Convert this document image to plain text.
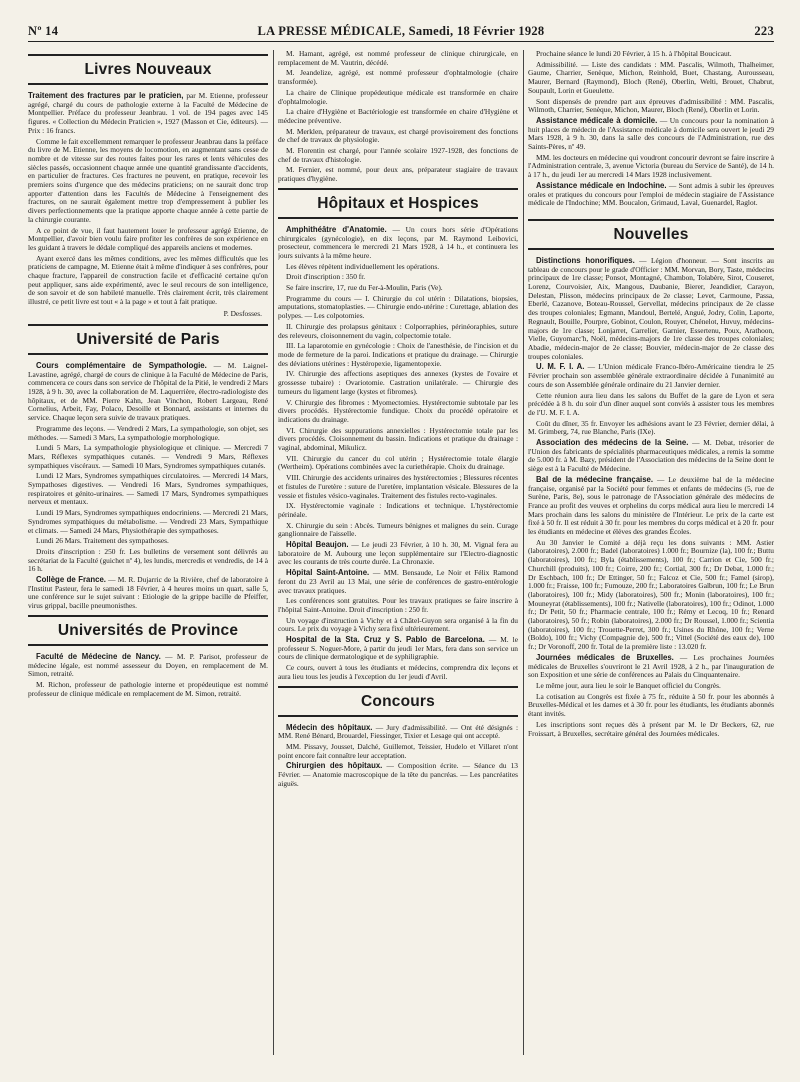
Nº 14	LA PRESSE MÉDICALE, Samedi, 18 Février 1928	223
Livres Nouveaux

Traitement des fractures par le praticien, par M. Etienne, professeur agrégé, chargé du cours de pathologie externe à la Faculté de Médecine de Montpellier. Préface du professeur Jeanbrau. 1 vol. de 194 pages avec 145 figures. « Collection du Médecin Praticien », 1927 (Masson et Cie, éditeurs). — Prix : 16 francs.

Comme le fait excellemment remarquer le professeur Jeanbrau dans la préface du livre de M. Etienne, les moyens de locomotion, en augmentant sans cesse de nombre et de vitesse sur des routes faites pour les rares et lents véhicules des siècles passés, occasionnent chaque année une quantité grandissante d'accidents, en particulier de fractures. Ces fractures ne peuvent, en pratique, recevoir les premiers soins d'urgence que des médecins praticiens; on ne saurait donc trop apporter d'attention dans les Facultés de Médecine à l'enseignement des fractures, on ne saurait également mettre trop d'empressement à publier les divers perfectionnements que la pratique apporte chaque année à cette partie de la chirurgie courante.

A ce point de vue, il faut hautement louer le professeur agrégé Etienne, de Montpellier, d'avoir bien voulu faire profiter les confrères de son expérience en les guidant à travers le dédale compliqué des appareils anciens et modernes.

Ayant exercé dans les mêmes conditions, avec les mêmes difficultés que les praticiens de campagne, M. Etienne était à même d'indiquer à ses confrères, pour chaque fracture, l'appareil de construction facile et d'efficacité certaine qu'on peut appliquer, sans aide expérimenté, avec le seul recours de son intelligence, de son savoir et de son habileté manuelle. Très clairement écrit, très clairement illustré, ce petit livre est tout « à la page » et tout à fait pratique.

P. Desfosses.
Université de Paris

Cours complémentaire de Sympathologie. — M. Laignel-Lavastine, agrégé, chargé de cours de clinique à la Faculté de Médecine de Paris, commencera ce cours dans son service de l'hôpital de la Pitié, le vendredi 2 Mars 1928, à 9 h. 30, avec la collaboration de M. Laquerrière, électro-radiologiste des hôpitaux, et de MM. Pierre Kahn, Jean Vinchon, Robert Largeau, René Cornelius, Arbeit, Fay, Polaco, Desoille et Bonnard, assistants et internes du service. Chaque leçon sera suivie de travaux pratiques.

Programme des leçons. — Vendredi 2 Mars, La sympathologie, son objet, ses méthodes. — Samedi 3 Mars, La sympathologie morphologique.

Lundi 5 Mars, La sympathologie physiologique et clinique. — Mercredi 7 Mars, Réflexes sympathiques cutanés. — Vendredi 9 Mars, Réflexes sympathiques viscéraux. — Samedi 10 Mars, Syndromes sympathiques cutanés.

Lundi 12 Mars, Syndromes sympathiques circulatoires. — Mercredi 14 Mars, Sympathoses digestives. — Vendredi 16 Mars, Syndromes sympathiques, respiratoires et génito-urinaires. — Samedi 17 Mars, Syndromes sympathiques nerveux et mentaux.

Lundi 19 Mars, Syndromes sympathiques endocriniens. — Mercredi 21 Mars, Syndromes sympathiques du métabolisme. — Vendredi 23 Mars, Sympathique et climats. — Samedi 24 Mars, Physiothérapie des sympathoses.

Lundi 26 Mars. Traitement des sympathoses.

Droits d'inscription : 250 fr. Les bulletins de versement sont délivrés au secrétariat de la Faculté (guichet nº 4), les lundis, mercredis et vendredis, de 14 à 16 h.

Collège de France. — M. R. Dujarric de la Rivière, chef de laboratoire à l'Institut Pasteur, fera le samedi 18 Février, à 4 heures moins un quart, salle 5, une conférence sur le sujet suivant : Etiologie de la grippe bacille de Pfeiffer, virus grippal, bacille pneumonisthes.

Universités de Province

Faculté de Médecine de Nancy. — M. P. Parisot, professeur de médecine légale, est nommé assesseur du Doyen, en remplacement de M. Simon, retraité.

M. Richon, professeur de pathologie interne et propédeutique est nommé professeur de clinique médicale en remplacement de M. Simon, retraité.

M. Hamant, agrégé, est nommé professeur de clinique chirurgicale, en remplacement de M. Vautrin, décédé.

M. Jeandelize, agrégé, est nommé professeur d'ophtalmologie (chaire transformée).

La chaire de Clinique propédeutique médicale est transformée en chaire d'ophtalmologie.

La chaire d'Hygiène et Bactériologie est transformée en chaire d'Hygiène et médecine préventive.

M. Merklen, préparateur de travaux, est chargé provisoirement des fonctions de chef de travaux de physiologie.

M. Florentin est chargé, pour l'année scolaire 1927-1928, des fonctions de chef de travaux d'histologie.

M. Fernier, est nommé, pour deux ans, préparateur stagiaire de travaux pratiques d'hygiène.

Hôpitaux et Hospices

Amphithéâtre d'Anatomie. — Un cours hors série d'Opérations chirurgicales (gynécologie), en dix leçons, par M. Raymond Leibovici, prosecteur, commencera le mercredi 21 Mars 1928, à 14 h., et continuera les jours suivants à la même heure.

Les élèves répètent individuellement les opérations.

Droit d'inscription : 350 fr.

Se faire inscrire, 17, rue du Fer-à-Moulin, Paris (Ve).

Programme du cours — I. Chirurgie du col utérin : Dilatations, biopsies, amputations, stomatoplasties. — Chirurgie endo-utérine : Curettage, ablation des polypes. — Les colpotomies.

II. Chirurgie des prolapsus génitaux : Colporraphies, périnéoraphies, suture des releveurs, cloisonnement du vagin, colpectomie totale.

III. La laparotomie en gynécologie : Choix de l'anesthésie, de l'incision et du mode de fermeture de la paroi. Indications et pratique du drainage. — Chirurgie des déviations utérines : Hystéropexie, ligamentopexie.

IV. Chirurgie des affections aseptiques des annexes (kystes de l'ovaire et grossesse tubaire) : Ovariotomie. Castration unilatérale. — Chirurgie des tumeurs du ligament large (kystes et fibromes).

V. Chirurgie des fibromes : Myomectomies. Hystérectomie subtotale par les divers procédés. Hystérectomie fundique. Choix du procédé opératoire et indications du drainage.

VI. Chirurgie des suppurations annexielles : Hystérectomie totale par les divers procédés. Cloisonnement du bassin. Indications et pratique du drainage : vaginal, abdominal, Mikulicz.

VII. Chirurgie du cancer du col utérin ; Hystérectomie totale élargie (Wertheim). Opérations combinées avec la curiethérapie. Choix du drainage.

VIII. Chirurgie des accidents urinaires des hystérectomies ; Blessures récentes et fistules de l'uretère : suture de l'uretère, implantation vésicale. Blessures de la vessie et fistules vésico-vaginales. Traitement des fistules recto-vaginales.

IX. Hystérectomie vaginale : Indications et technique. L'hystérectomie périnéale.

X. Chirurgie du sein : Abcès. Tumeurs bénignes et malignes du sein. Curage ganglionnaire de l'aisselle.

Hôpital Beaujon. — Le jeudi 23 Février, à 10 h. 30, M. Vignal fera au laboratoire de M. Aubourg une leçon supplémentaire sur l'Electro-diagnostic avec les courants de très courte durée. La Chronaxie.

Hôpital Saint-Antoine. — MM. Bensaude, Le Noir et Félix Ramond feront du 23 Avril au 13 Mai, une série de conférences de gastro-entérologie avec travaux pratiques.

Les conférences sont gratuites. Pour les travaux pratiques se faire inscrire à l'hôpital Saint-Antoine. Droit d'inscription : 250 fr.

Un voyage d'instruction à Vichy et à Châtel-Guyon sera organisé à la fin du cours. Le prix du voyage à Vichy sera fixé ultérieurement.

Hospital de la Sta. Cruz y S. Pablo de Barcelona. — M. le professeur S. Noguer-More, à partir du jeudi 1er Mars, fera dans son service un cours de clinique dermatologique et de syphiligraphie.

Ce cours, ouvert à tous les étudiants et médecins, comprendra dix leçons et aura lieu tous les jeudis à l'exception du 1er jeudi d'Avril.

Concours

Médecin des hôpitaux. — Jury d'admissibilité. — Ont été désignés : MM. René Bénard, Brouardel, Fiessinger, Tixier et Lesage qui ont accepté.

MM. Pissavy, Jousset, Dalché, Guillemot, Teissier, Hudelo et Villaret n'ont point encore fait connaître leur acceptation.

Chirurgien des hôpitaux. — Composition écrite. — Séance du 13 Février. — Anatomie macroscopique de la tête du pancréas. — Les pancréatites aiguës.

Prochaine séance le lundi 20 Février, à 15 h. à l'hôpital Boucicaut.

Admissibilité. — Liste des candidats : MM. Pascalis, Wilmoth, Thalheimer, Gaume, Charrier, Senèque, Michon, Reinhold, Buet, Chastang, Aurousseau, Maurer, Bernard (Raymond), Bloch (René), Oberlin, Welti, Brouet, Chabrut, Soupault, Lorin et Gueulette.

Sont dispensés de prendre part aux épreuves d'admissibilité : MM. Pascalis, Wilmoth, Charrier, Senèque, Michon, Maurer, Bloch (René), Oberlin et Lorin.

Assistance médicale à domicile. — Un concours pour la nomination à huit places de médecin de l'Assistance médicale à domicile sera ouvert le jeudi 29 Mars 1928, à 9 h. 30, dans la salle des concours de l'Administration, rue des Saints-Pères, nº 49.

MM. les docteurs en médecine qui voudront concourir devront se faire inscrire à l'Administration centrale, 3, avenue Victoria (bureau du Service de Santé), de 14 h. à 17 h., du jeudi 1er au mercredi 14 Mars 1928 inclusivement.

Assistance médicale en Indochine. — Sont admis à subir les épreuves orales et pratiques du concours pour l'emploi de médecin stagiaire de l'Assistance médicale de l'Indochine; MM. Boucalon, Grimaud, Laval, Guenardel, Raglot.

Nouvelles

Distinctions honorifiques. — Légion d'honneur. — Sont inscrits au tableau de concours pour le grade d'Officier : MM. Morvan, Bory, Taste, médecins principaux de 1re classe; Ponsot, Montagné, Chambon, Tolabère, Sirot, Couseret, Lorenz, Courvoisier, Aix, Mangous, Daubanie, Bierer, Jeandidier, Carayon, Delestan, Plisson, médecins principaux de 2e classe; Levet, Carmoune, Passa, Eberlé, Cazanove, Boteau-Roussel, Gervellat, médecins principaux de 2e classe des troupes coloniales; Egmann, Mandoul, Bertelé, Angué, Jodry, Colin, Laporte, Regnault, Bouille, Pourpre, Gobinot, Coulon, Rouyer, Chénelot, Huvuy, médecins-majors de 1re classe; Lonjarret, Carrelier, Garnier, Essertenu, Poux, Arathoon, Vielle, Guyomarc'h, Noël, médecins-majors de 1re classe des troupes coloniales; Abadie, médecin-major de 2e classe; Bouvier, médecin-major de 2e classe des troupes coloniales.

U. M. F. I. A. — L'Union médicale Franco-Ibéro-Américaine tiendra le 25 Février prochain son assemblée générale extraordinaire décidée à l'unanimité au cours de son Assemblée générale ordinaire du 21 Janvier dernier.

Cette réunion aura lieu dans les salons du Buffet de la gare de Lyon et sera précédée à 8 h. du soir d'un dîner auquel sont conviés à assister tous les membres de l'U. M. F. I. A.

Coût du dîner, 35 fr. Envoyer les adhésions avant le 23 Février, dernier délai, à M. Grimberg, 74, rue Blanche, Paris (IXe).

Association des médecins de la Seine. — M. Debat, trésorier de l'Union des fabricants de spécialités pharmaceutiques médicales, a remis la somme de 5.000 fr. à M. Bazy, président de l'Association des médecins de la Seine dont le siège est à la Faculté de Médecine.

Bal de la médecine française. — Le deuxième bal de la médecine française, organisé par la Société pour femmes et enfants de médecins (5, rue de Surène, Paris, 8e), sous le patronage de l'Association générale des médecins de France au profit des veuves et orphelins du corps médical aura lieu le mercredi 14 Mars prochain dans les salons du ministère de l'Intérieur. Le prix de la carte est fixé à 50 fr. Il est réduit à 30 fr. pour les membres du corps médical et à 20 fr. pour les étudiants en médecine et élèves des grandes Écoles.

Au 30 Janvier le Comité a déjà reçu les dons suivants : MM. Astier (laboratoires), 2.000 fr.; Badel (laboratoires) 1.000 fr.; Bournize (la), 100 fr.; Buttu (laboratoires), 100 fr.; Byla (établissements), 100 fr.; Carrion et Cie, 500 fr.; Churchill (produits), 100 fr.; Coirre, 200 fr.; Cortial, 300 fr.; Dr Debat, 1.000 fr.; Dr Eschbach, 100 fr.; Dr Ettinger, 50 fr.; Falcoz et Cie, 500 fr.; Famel (sirop), 1.000 fr.; Fraisse, 100 fr.; Fumouze, 200 fr.; Laboratoires Galbrun, 100 fr.; Le Brun (laboratoires), 100 fr.; Midy (laboratoires), 500 fr.; Monin (laboratoires), 100 fr.; Mouneyrat (établissements), 100 fr.; Nativelle (laboratoires), 100 fr.; Odinot, 1.000 fr.; Dr Petit, 50 fr.; Pharmacie centrale, 100 fr.; Rémy et Lecoq, 10 fr.; Renard (laboratoires), 50 fr.; Robin (laboratoires), 2.000 fr.; Dr Roussel, 1.000 fr.; Scientia (laboratoires), 100 fr.; Trouette-Perret, 300 fr.; Usines du Rhône, 100 fr.; Verne (Boldo), 100 fr.; Vichy (Compagnie de), 500 fr.; Vittel (Société des eaux de), 100 fr.; Dr Voronoff, 200 fr. Total de la première liste : 13.020 fr.

Journées médicales de Bruxelles. — Les prochaines Journées médicales de Bruxelles s'ouvriront le 21 Avril 1928, à 2 h., par l'inauguration de son Exposition et une série de conférences au Palais du Cinquantenaire.

Le même jour, aura lieu le soir le Banquet officiel du Congrès.

La cotisation au Congrès est fixée à 75 fr., réduite à 50 fr. pour les abonnés à Bruxelles-Médical et les dames et à 30 fr. pour les étudiants, les étudiants abonnés étant invités.

Les inscriptions sont reçues dès à présent par M. le Dr Beckers, 62, rue Froissart, à Bruxelles, secrétaire général des Journées médicales.
